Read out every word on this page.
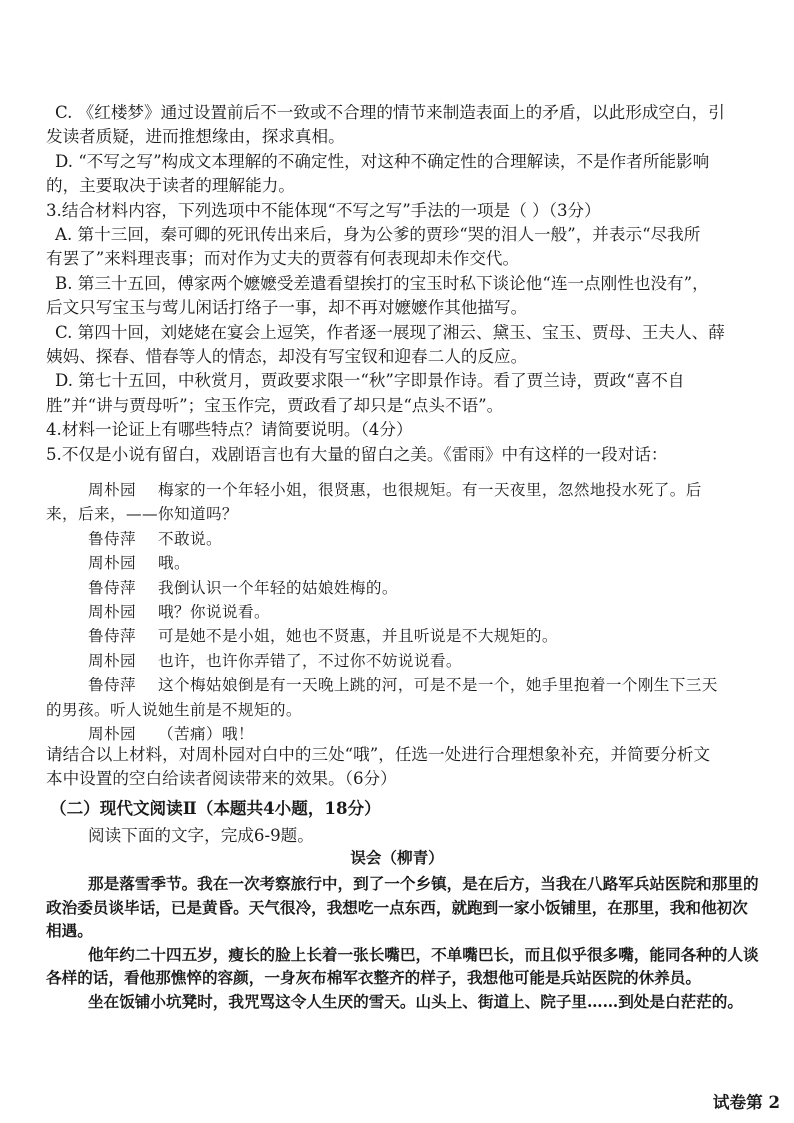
C. 《红楼梦》通过设置前后不一致或不合理的情节来制造表面上的矛盾，以此形成空白，引

发读者质疑，进而推想缘由，探求真相。

D. “不写之写”构成文本理解的不确定性，对这种不确定性的合理解读，不是作者所能影响

的，主要取决于读者的理解能力。

3.结合材料内容，下列选项中不能体现“不写之写”手法的一项是（ ）（3分）

A. 第十三回，秦可卿的死讯传出来后，身为公爹的贾珍“哭的泪人一般”，并表示“尽我所

有罢了”来料理丧事；而对作为丈夫的贾蓉有何表现却未作交代。

B. 第三十五回，傅家两个嬷嬷受差遣看望挨打的宝玉时私下谈论他“连一点刚性也没有”，

后文只写宝玉与莺儿闲话打络子一事，却不再对嬷嬷作其他描写。

C. 第四十回，刘姥姥在宴会上逗笑，作者逐一展现了湘云、黛玉、宝玉、贾母、王夫人、薛

姨妈、探春、惜春等人的情态，却没有写宝钗和迎春二人的反应。

D. 第七十五回，中秋赏月，贾政要求限一“秋”字即景作诗。看了贾兰诗，贾政“喜不自

胜”并“讲与贾母听”；宝玉作完，贾政看了却只是“点头不语”。

4.材料一论证上有哪些特点？请简要说明。（4分）

5.不仅是小说有留白，戏剧语言也有大量的留白之美。《雷雨》中有这样的一段对话：

周朴园 梅家的一个年轻小姐，很贤惠，也很规矩。有一天夜里，忽然地投水死了。后

来，后来，——你知道吗？

鲁侍萍 不敢说。

周朴园 哦。

鲁侍萍 我倒认识一个年轻的姑娘姓梅的。

周朴园 哦？你说说看。

鲁侍萍 可是她不是小姐，她也不贤惠，并且听说是不大规矩的。

周朴园 也许，也许你弄错了，不过你不妨说说看。

鲁侍萍 这个梅姑娘倒是有一天晚上跳的河，可是不是一个，她手里抱着一个刚生下三天

的男孩。听人说她生前是不规矩的。

周朴园 （苦痛）哦！

请结合以上材料，对周朴园对白中的三处“哦”，任选一处进行合理想象补充，并简要分析文

本中设置的空白给读者阅读带来的效果。（6分）

（二）现代文阅读Ⅱ（本题共4小题，18分）
阅读下面的文字，完成6-9题。
误会（柳青）

那是落雪季节。我在一次考察旅行中，到了一个乡镇，是在后方，当我在八路军兵站医院和那里的政治委员谈毕话，已是黄昏。天气很冷，我想吃一点东西，就跑到一家小饭铺里，在那里，我和他初次相遇。

他年约二十四五岁，瘦长的脸上长着一张长嘴巴，不单嘴巴长，而且似乎很多嘴，能同各种的人谈各样的话，看他那憔悴的容颜，一身灰布棉军衣整齐的样子，我想他可能是兵站医院的休养员。

坐在饭铺小坑凳时，我咒骂这令人生厌的雪天。山头上、街道上、院子里……到处是白茫茫的。

试卷第 2
